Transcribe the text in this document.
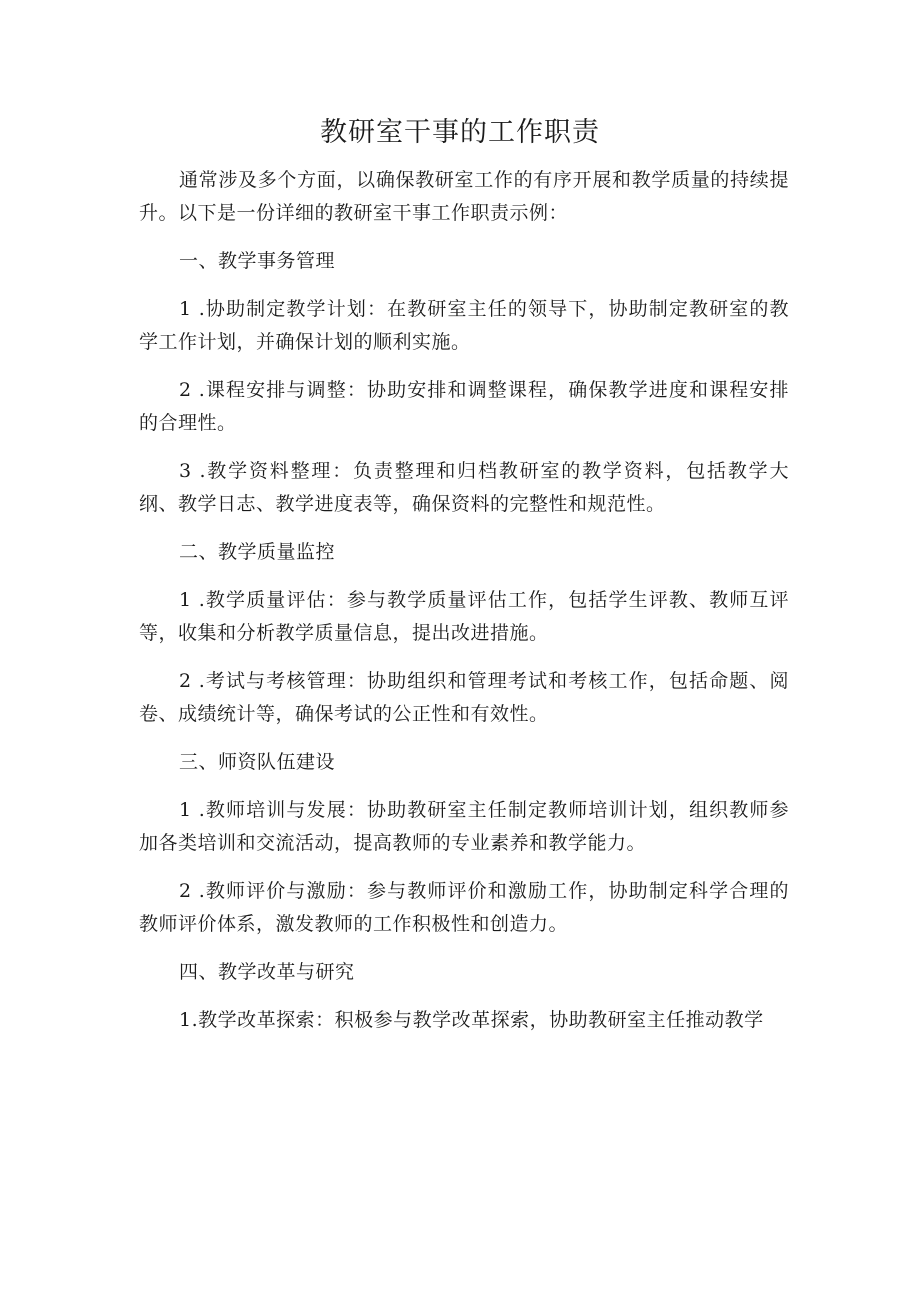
教研室干事的工作职责

通常涉及多个方面，以确保教研室工作的有序开展和教学质量的持续提升。以下是一份详细的教研室干事工作职责示例：

一、教学事务管理

1 .协助制定教学计划：在教研室主任的领导下，协助制定教研室的教学工作计划，并确保计划的顺利实施。

2 .课程安排与调整：协助安排和调整课程，确保教学进度和课程安排的合理性。

3 .教学资料整理：负责整理和归档教研室的教学资料，包括教学大纲、教学日志、教学进度表等，确保资料的完整性和规范性。

二、教学质量监控

1 .教学质量评估：参与教学质量评估工作，包括学生评教、教师互评等，收集和分析教学质量信息，提出改进措施。

2 .考试与考核管理：协助组织和管理考试和考核工作，包括命题、阅卷、成绩统计等，确保考试的公正性和有效性。

三、师资队伍建设

1 .教师培训与发展：协助教研室主任制定教师培训计划，组织教师参加各类培训和交流活动，提高教师的专业素养和教学能力。

2 .教师评价与激励：参与教师评价和激励工作，协助制定科学合理的教师评价体系，激发教师的工作积极性和创造力。

四、教学改革与研究

1.教学改革探索：积极参与教学改革探索，协助教研室主任推动教学
